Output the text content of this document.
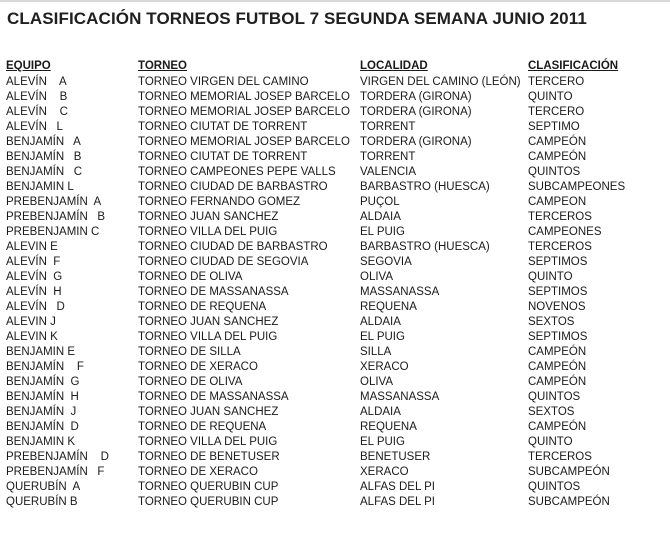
CLASIFICACIÓN TORNEOS FUTBOL 7 SEGUNDA SEMANA JUNIO 2011
EQUIPO	TORNEO	LOCALIDAD	CLASIFICACIÓN
ALEVÍN    A	TORNEO VIRGEN DEL CAMINO	VIRGEN DEL CAMINO (LEÓN)	TERCERO
ALEVÍN    B	TORNEO MEMORIAL JOSEP BARCELO	TORDERA (GIRONA)	QUINTO
ALEVÍN    C	TORNEO MEMORIAL JOSEP BARCELO	TORDERA (GIRONA)	TERCERO
ALEVÍN   L	TORNEO CIUTAT DE TORRENT	TORRENT	SEPTIMO
BENJAMÍN   A	TORNEO MEMORIAL JOSEP BARCELO	TORDERA (GIRONA)	CAMPEÓN
BENJAMÍN   B	TORNEO CIUTAT DE TORRENT	TORRENT	CAMPEÓN
BENJAMÍN   C	TORNEO CAMPEONES PEPE VALLS	VALENCIA	QUINTOS
BENJAMIN L	TORNEO CIUDAD DE BARBASTRO	BARBASTRO (HUESCA)	SUBCAMPEONES
PREBENJAMÍN  A	TORNEO FERNANDO GOMEZ	PUÇOL	CAMPEON
PREBENJAMÍN   B	TORNEO JUAN SANCHEZ	ALDAIA	TERCEROS
PREBENJAMIN C	TORNEO VILLA DEL PUIG	EL PUIG	CAMPEONES
ALEVIN E	TORNEO CIUDAD DE BARBASTRO	BARBASTRO (HUESCA)	TERCEROS
ALEVÍN  F	TORNEO CIUDAD DE SEGOVIA	SEGOVIA	SEPTIMOS
ALEVÍN  G	TORNEO DE OLIVA	OLIVA	QUINTO
ALEVÍN  H	TORNEO DE MASSANASSA	MASSANASSA	SEPTIMOS
ALEVÍN   D	TORNEO DE REQUENA	REQUENA	NOVENOS
ALEVIN J	TORNEO JUAN SANCHEZ	ALDAIA	SEXTOS
ALEVIN K	TORNEO VILLA DEL PUIG	EL PUIG	SEPTIMOS
BENJAMIN E	TORNEO DE SILLA	SILLA	CAMPEÓN
BENJAMÍN    F	TORNEO DE XERACO	XERACO	CAMPEÓN
BENJAMÍN  G	TORNEO DE OLIVA	OLIVA	CAMPEÓN
BENJAMÍN  H	TORNEO DE MASSANASSA	MASSANASSA	QUINTOS
BENJAMÍN  J	TORNEO JUAN SANCHEZ	ALDAIA	SEXTOS
BENJAMÍN  D	TORNEO DE REQUENA	REQUENA	CAMPEÓN
BENJAMIN K	TORNEO VILLA DEL PUIG	EL PUIG	QUINTO
PREBENJAMÍN    D	TORNEO DE BENETUSER	BENETUSER	TERCEROS
PREBENJAMÍN   F	TORNEO DE XERACO	XERACO	SUBCAMPEÓN
QUERUBÍN  A	TORNEO QUERUBIN CUP	ALFAS DEL PI	QUINTOS
QUERUBÍN B	TORNEO QUERUBIN CUP	ALFAS DEL PI	SUBCAMPEÓN
